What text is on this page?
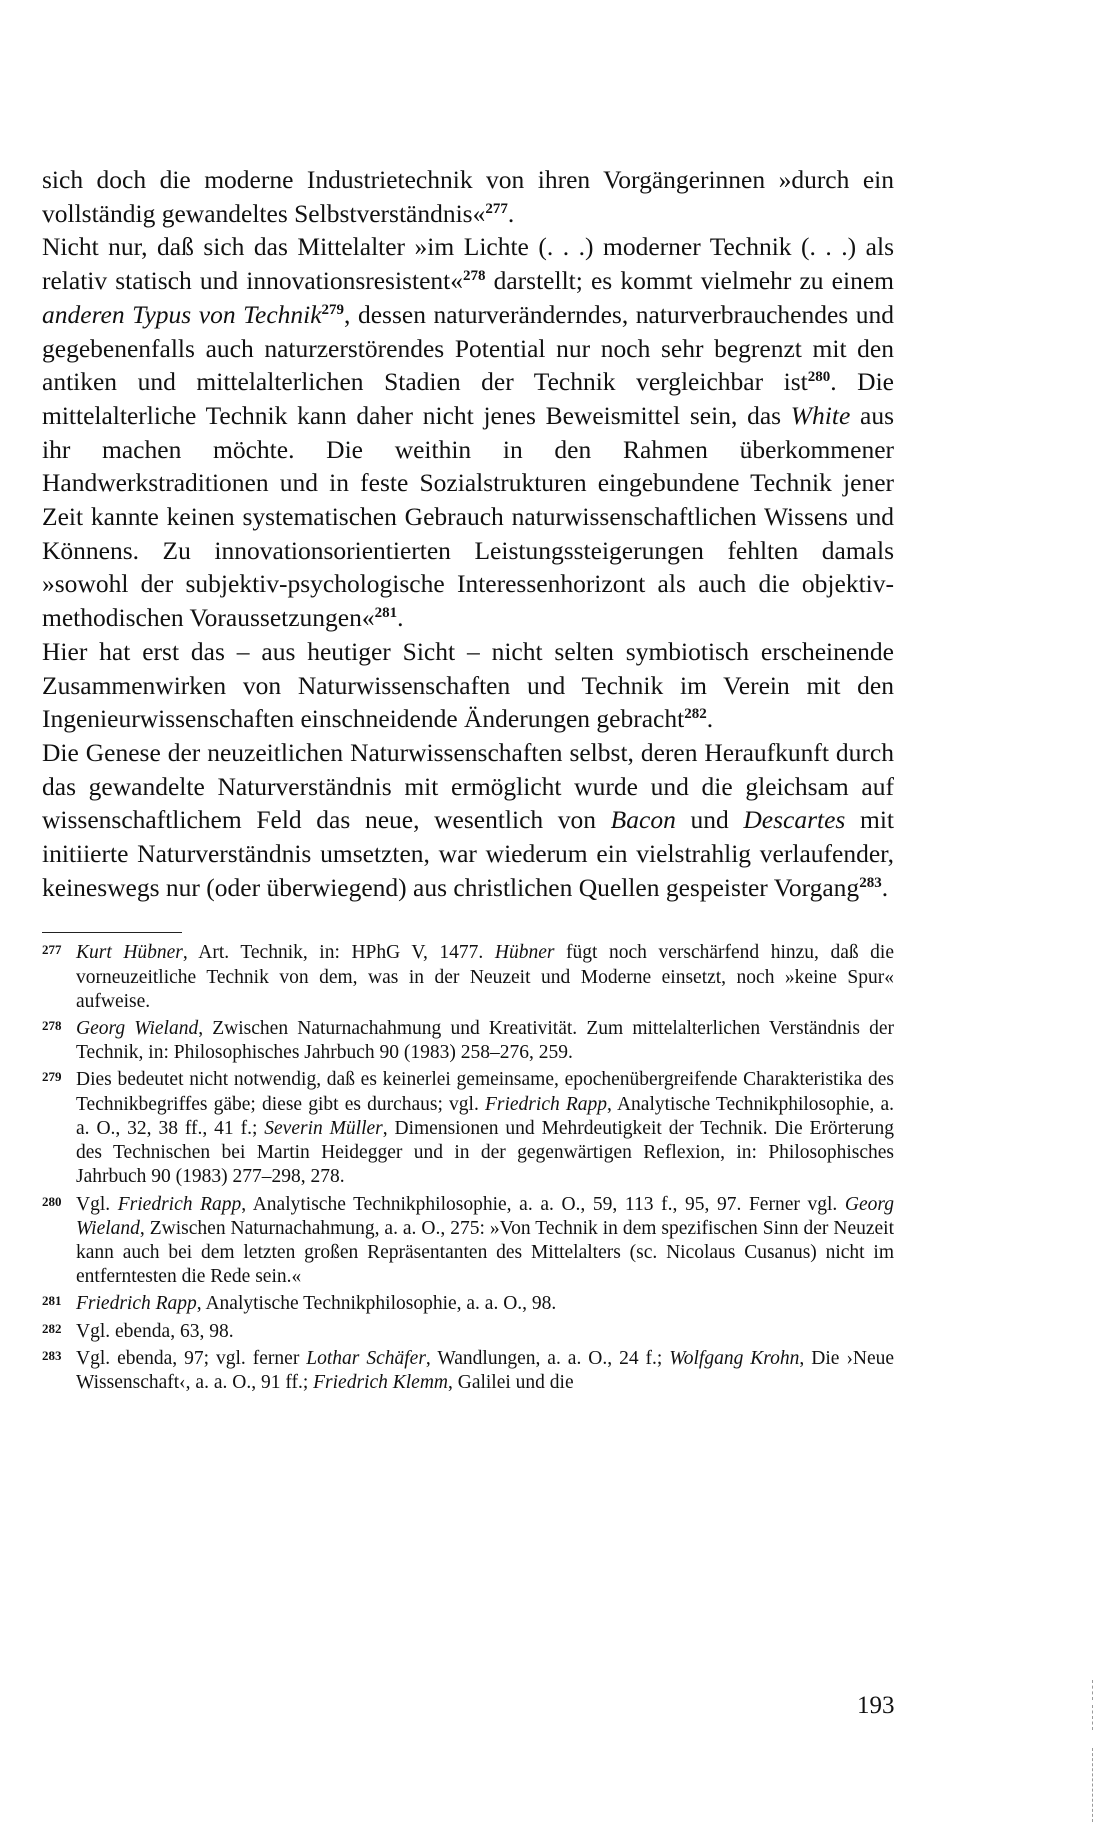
sich doch die moderne Industrietechnik von ihren Vorgängerinnen »durch ein vollständig gewandeltes Selbstverständnis«$^{277}$.

Nicht nur, daß sich das Mittelalter »im Lichte (. . .) moderner Technik (. . .) als relativ statisch und innovationsresistent«$^{278}$ darstellt; es kommt vielmehr zu einem anderen Typus von Technik$^{279}$, dessen naturveränderndes, naturverbrauchendes und gegebenenfalls auch naturzerstörendes Potential nur noch sehr begrenzt mit den antiken und mittelalterlichen Stadien der Technik vergleichbar ist$^{280}$. Die mittelalterliche Technik kann daher nicht jenes Beweismittel sein, das White aus ihr machen möchte. Die weithin in den Rahmen überkommener Handwerkstraditionen und in feste Sozialstrukturen eingebundene Technik jener Zeit kannte keinen systematischen Gebrauch naturwissenschaftlichen Wissens und Könnens. Zu innovationsorientierten Leistungssteigerungen fehlten damals »sowohl der subjektiv-psychologische Interessenhorizont als auch die objektiv-methodischen Voraussetzungen«$^{281}$.

Hier hat erst das – aus heutiger Sicht – nicht selten symbiotisch erscheinende Zusammenwirken von Naturwissenschaften und Technik im Verein mit den Ingenieurwissenschaften einschneidende Änderungen gebracht$^{282}$.

Die Genese der neuzeitlichen Naturwissenschaften selbst, deren Heraufkunft durch das gewandelte Naturverständnis mit ermöglicht wurde und die gleichsam auf wissenschaftlichem Feld das neue, wesentlich von Bacon und Descartes mit initiierte Naturverständnis umsetzten, war wiederum ein vielstrahlig verlaufender, keineswegs nur (oder überwiegend) aus christlichen Quellen gespeister Vorgang$^{283}$.

277 Kurt Hübner, Art. Technik, in: HPhG V, 1477. Hübner fügt noch verschärfend hinzu, daß die vorneuzeitliche Technik von dem, was in der Neuzeit und Moderne einsetzt, noch »keine Spur« aufweise.
278 Georg Wieland, Zwischen Naturnachahmung und Kreativität. Zum mittelalterlichen Verständnis der Technik, in: Philosophisches Jahrbuch 90 (1983) 258–276, 259.
279 Dies bedeutet nicht notwendig, daß es keinerlei gemeinsame, epochenübergreifende Charakteristika des Technikbegriffes gäbe; diese gibt es durchaus; vgl. Friedrich Rapp, Analytische Technikphilosophie, a. a. O., 32, 38 ff., 41 f.; Severin Müller, Dimensionen und Mehrdeutigkeit der Technik. Die Erörterung des Technischen bei Martin Heidegger und in der gegenwärtigen Reflexion, in: Philosophisches Jahrbuch 90 (1983) 277–298, 278.
280 Vgl. Friedrich Rapp, Analytische Technikphilosophie, a. a. O., 59, 113 f., 95, 97. Ferner vgl. Georg Wieland, Zwischen Naturnachahmung, a. a. O., 275: »Von Technik in dem spezifischen Sinn der Neuzeit kann auch bei dem letzten großen Repräsentanten des Mittelalters (sc. Nicolaus Cusanus) nicht im entferntesten die Rede sein.«
281 Friedrich Rapp, Analytische Technikphilosophie, a. a. O., 98.
282 Vgl. ebenda, 63, 98.
283 Vgl. ebenda, 97; vgl. ferner Lothar Schäfer, Wandlungen, a. a. O., 24 f.; Wolfgang Krohn, Die ›Neue Wissenschaft‹, a. a. O., 91 ff.; Friedrich Klemm, Galilei und die
193
